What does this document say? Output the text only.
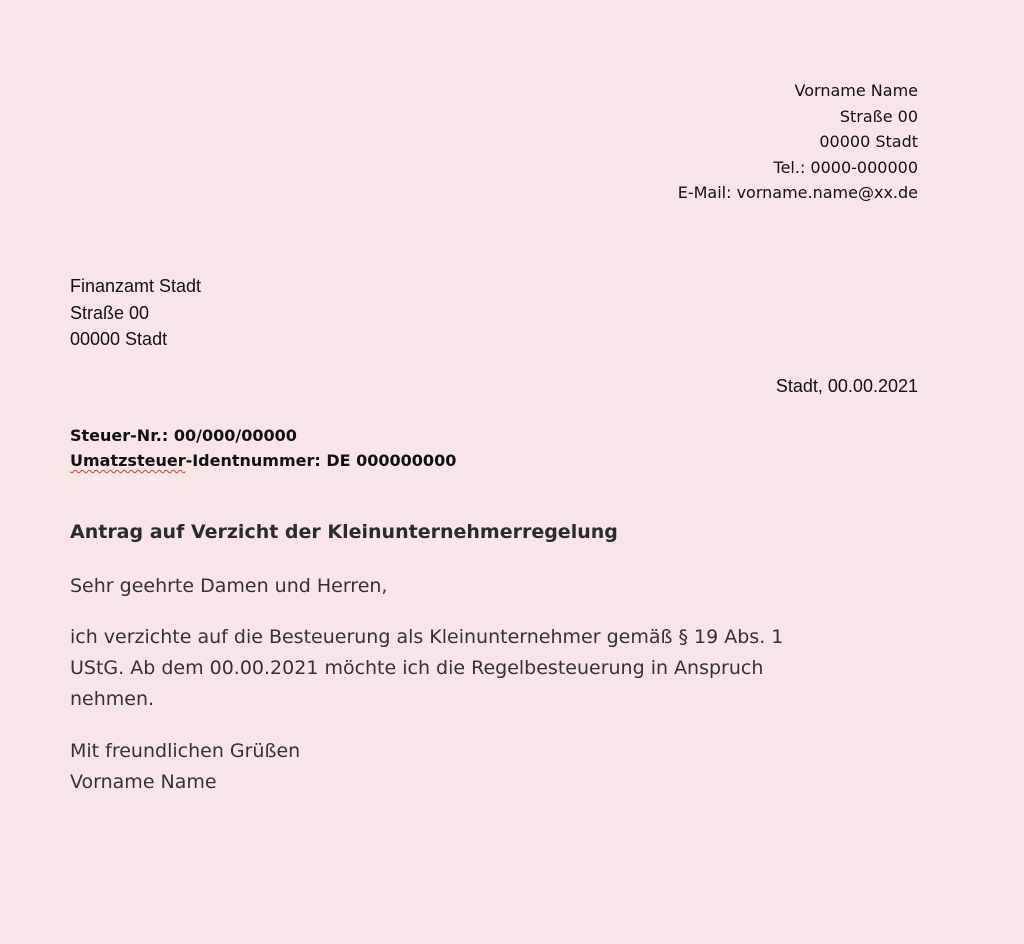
Vorname Name
Straße 00
00000 Stadt
Tel.: 0000-000000
E-Mail: vorname.name@xx.de
Finanzamt Stadt
Straße 00
00000 Stadt
Stadt, 00.00.2021
Steuer-Nr.: 00/000/00000
Umatzsteuer-Identnummer: DE 000000000
Antrag auf Verzicht der Kleinunternehmerregelung
Sehr geehrte Damen und Herren,
ich verzichte auf die Besteuerung als Kleinunternehmer gemäß § 19 Abs. 1
UStG. Ab dem 00.00.2021 möchte ich die Regelbesteuerung in Anspruch
nehmen.
Mit freundlichen Grüßen
Vorname Name
